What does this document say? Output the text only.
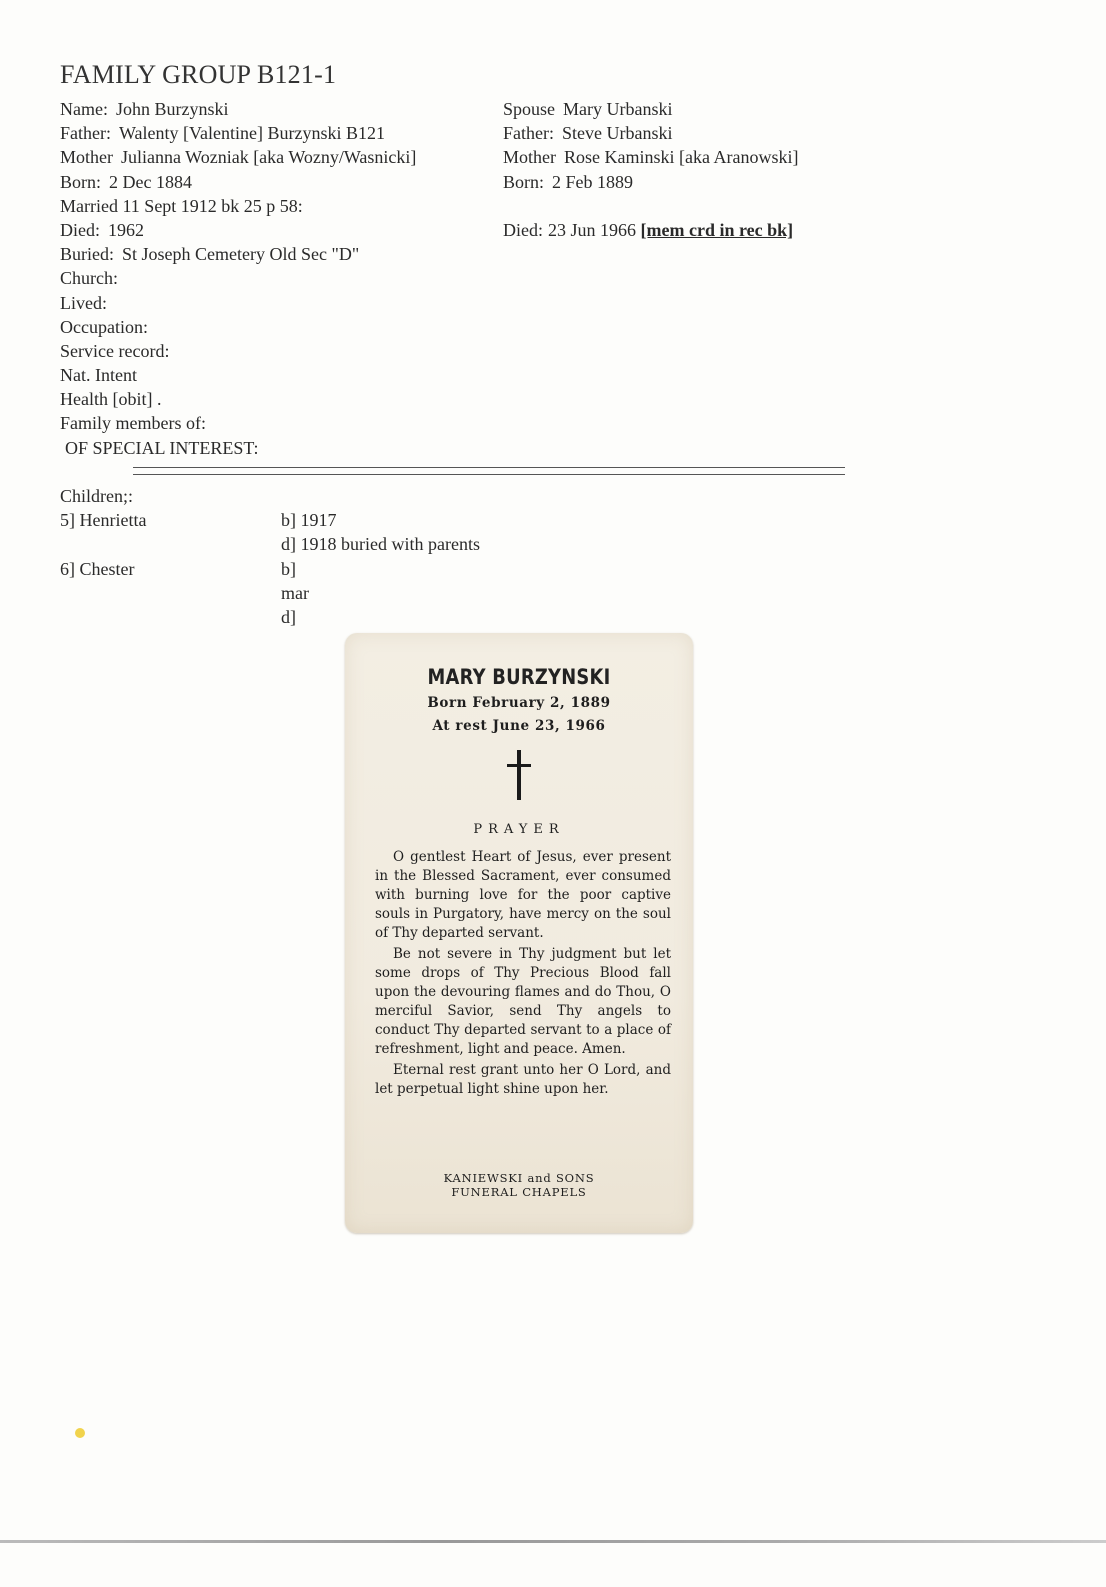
FAMILY GROUP B121-1
Name: John Burzynski
Father: Walenty [Valentine] Burzynski B121
Mother Julianna Wozniak [aka Wozny/Wasnicki]
Born: 2 Dec 1884
Married 11 Sept 1912 bk 25 p 58:
Died: 1962
Buried: St Joseph Cemetery Old Sec "D"
Church:
Lived:
Occupation:
Service record:
Nat. Intent
Health [obit] .
Family members of:
OF SPECIAL INTEREST:
Spouse Mary Urbanski
Father: Steve Urbanski
Mother Rose Kaminski [aka Aranowski]
Born: 2 Feb 1889
Died: 23 Jun 1966 [mem crd in rec bk]
Children;:
5] Henrietta	b] 1917
d] 1918 buried with parents
6] Chester	b]
mar
d]
MARY BURZYNSKI
Born February 2, 1889
At rest June 23, 1966
PRAYER

O gentlest Heart of Jesus, ever present in the Blessed Sacrament, ever consumed with burning love for the poor captive souls in Purgatory, have mercy on the soul of Thy departed servant.

Be not severe in Thy judgment but let some drops of Thy Precious Blood fall upon the devouring flames and do Thou, O merciful Savior, send Thy angels to conduct Thy departed servant to a place of refreshment, light and peace. Amen.

Eternal rest grant unto her O Lord, and let perpetual light shine upon her.

KANIEWSKI and SONS
FUNERAL CHAPELS
